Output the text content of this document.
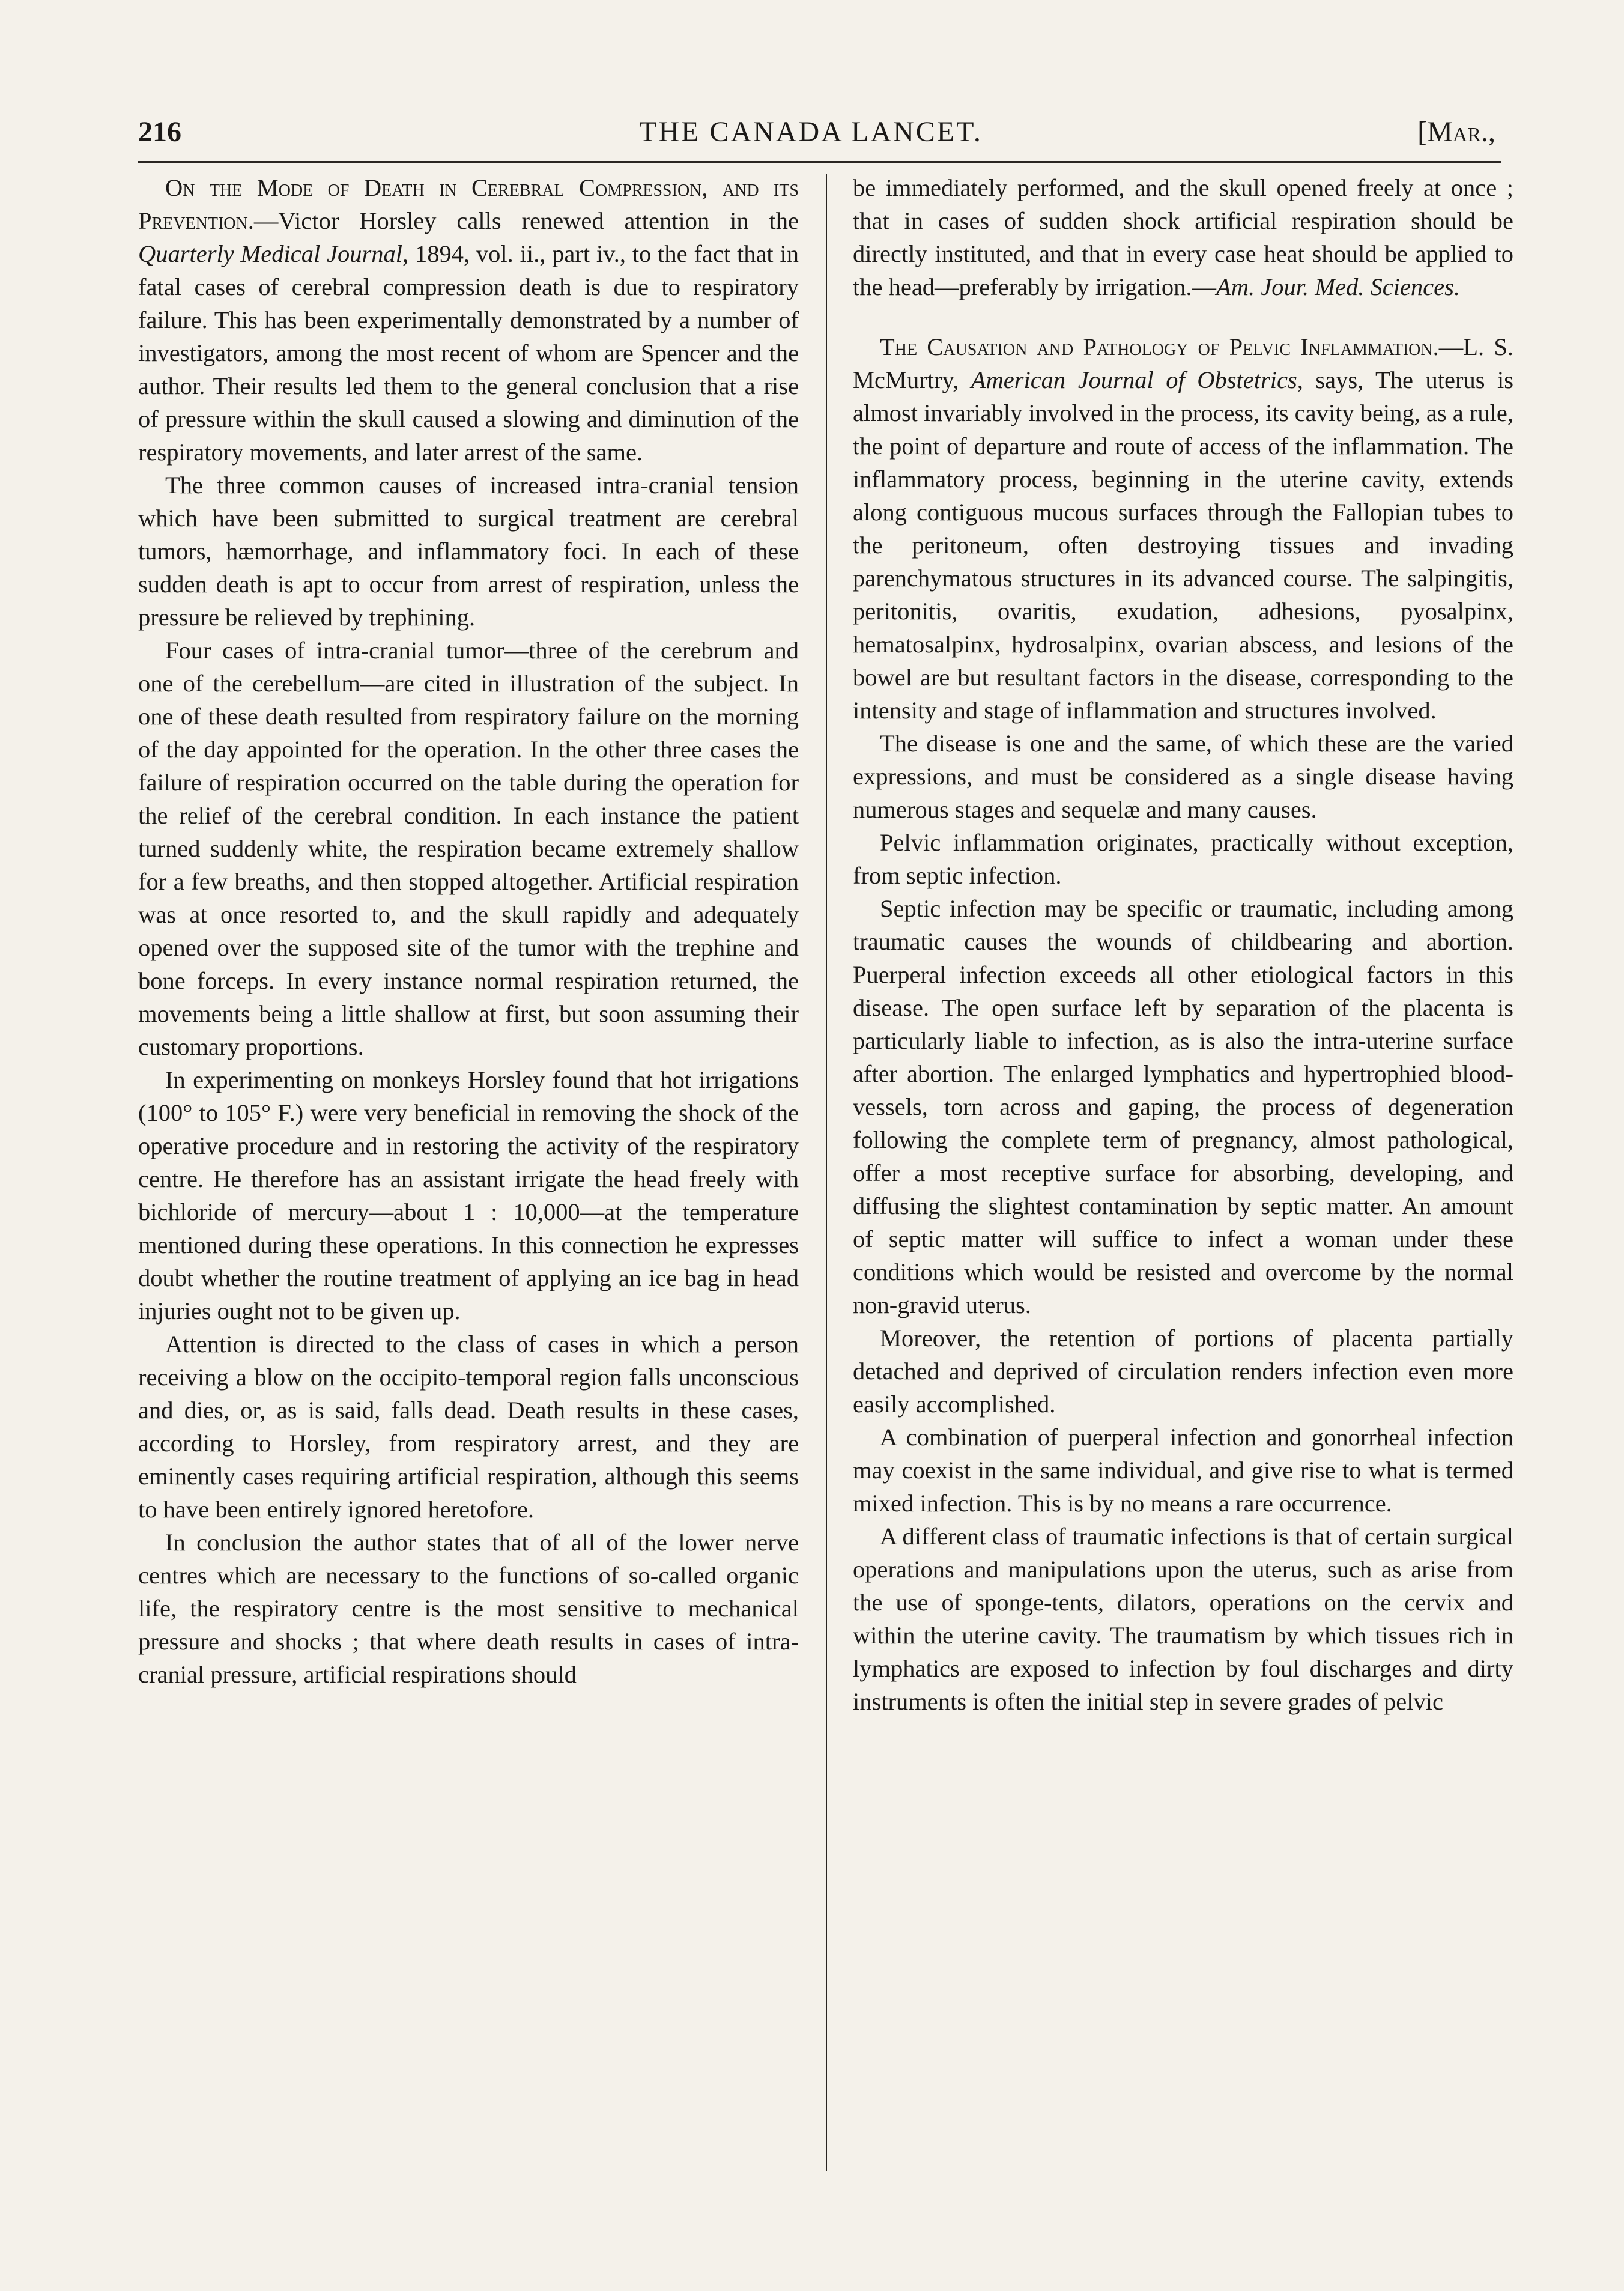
216	THE CANADA LANCET.	[Mar.,

On the Mode of Death in Cerebral Compression, and its Prevention.—Victor Horsley calls renewed attention in the Quarterly Medical Journal, 1894, vol. ii., part iv., to the fact that in fatal cases of cerebral compression death is due to respiratory failure. This has been experimentally demonstrated by a number of investigators, among the most recent of whom are Spencer and the author. Their results led them to the general conclusion that a rise of pressure within the skull caused a slowing and diminution of the respiratory movements, and later arrest of the same.

The three common causes of increased intra-cranial tension which have been submitted to surgical treatment are cerebral tumors, hæmorrhage, and inflammatory foci. In each of these sudden death is apt to occur from arrest of respiration, unless the pressure be relieved by trephining.

Four cases of intra-cranial tumor—three of the cerebrum and one of the cerebellum—are cited in illustration of the subject. In one of these death resulted from respiratory failure on the morning of the day appointed for the operation. In the other three cases the failure of respiration occurred on the table during the operation for the relief of the cerebral condition. In each instance the patient turned suddenly white, the respiration became extremely shallow for a few breaths, and then stopped altogether. Artificial respiration was at once resorted to, and the skull rapidly and adequately opened over the supposed site of the tumor with the trephine and bone forceps. In every instance normal respiration returned, the movements being a little shallow at first, but soon assuming their customary proportions.

In experimenting on monkeys Horsley found that hot irrigations (100° to 105° F.) were very beneficial in removing the shock of the operative procedure and in restoring the activity of the respiratory centre. He therefore has an assistant irrigate the head freely with bichloride of mercury—about 1 : 10,000—at the temperature mentioned during these operations. In this connection he expresses doubt whether the routine treatment of applying an ice bag in head injuries ought not to be given up.

Attention is directed to the class of cases in which a person receiving a blow on the occipito-temporal region falls unconscious and dies, or, as is said, falls dead. Death results in these cases, according to Horsley, from respiratory arrest, and they are eminently cases requiring artificial respiration, although this seems to have been entirely ignored heretofore.

In conclusion the author states that of all of the lower nerve centres which are necessary to the functions of so-called organic life, the respiratory centre is the most sensitive to mechanical pressure and shocks ; that where death results in cases of intra-cranial pressure, artificial respirations should

be immediately performed, and the skull opened freely at once ; that in cases of sudden shock artificial respiration should be directly instituted, and that in every case heat should be applied to the head—preferably by irrigation.—Am. Jour. Med. Sciences.

The Causation and Pathology of Pelvic Inflammation.—L. S. McMurtry, American Journal of Obstetrics, says, The uterus is almost invariably involved in the process, its cavity being, as a rule, the point of departure and route of access of the inflammation. The inflammatory process, beginning in the uterine cavity, extends along contiguous mucous surfaces through the Fallopian tubes to the peritoneum, often destroying tissues and invading parenchymatous structures in its advanced course. The salpingitis, peritonitis, ovaritis, exudation, adhesions, pyosalpinx, hematosalpinx, hydrosalpinx, ovarian abscess, and lesions of the bowel are but resultant factors in the disease, corresponding to the intensity and stage of inflammation and structures involved.

The disease is one and the same, of which these are the varied expressions, and must be considered as a single disease having numerous stages and sequelæ and many causes.

Pelvic inflammation originates, practically without exception, from septic infection.

Septic infection may be specific or traumatic, including among traumatic causes the wounds of childbearing and abortion. Puerperal infection exceeds all other etiological factors in this disease. The open surface left by separation of the placenta is particularly liable to infection, as is also the intra-uterine surface after abortion. The enlarged lymphatics and hypertrophied blood-vessels, torn across and gaping, the process of degeneration following the complete term of pregnancy, almost pathological, offer a most receptive surface for absorbing, developing, and diffusing the slightest contamination by septic matter. An amount of septic matter will suffice to infect a woman under these conditions which would be resisted and overcome by the normal non-gravid uterus.

Moreover, the retention of portions of placenta partially detached and deprived of circulation renders infection even more easily accomplished.

A combination of puerperal infection and gonorrheal infection may coexist in the same individual, and give rise to what is termed mixed infection. This is by no means a rare occurrence.

A different class of traumatic infections is that of certain surgical operations and manipulations upon the uterus, such as arise from the use of sponge-tents, dilators, operations on the cervix and within the uterine cavity. The traumatism by which tissues rich in lymphatics are exposed to infection by foul discharges and dirty instruments is often the initial step in severe grades of pelvic
